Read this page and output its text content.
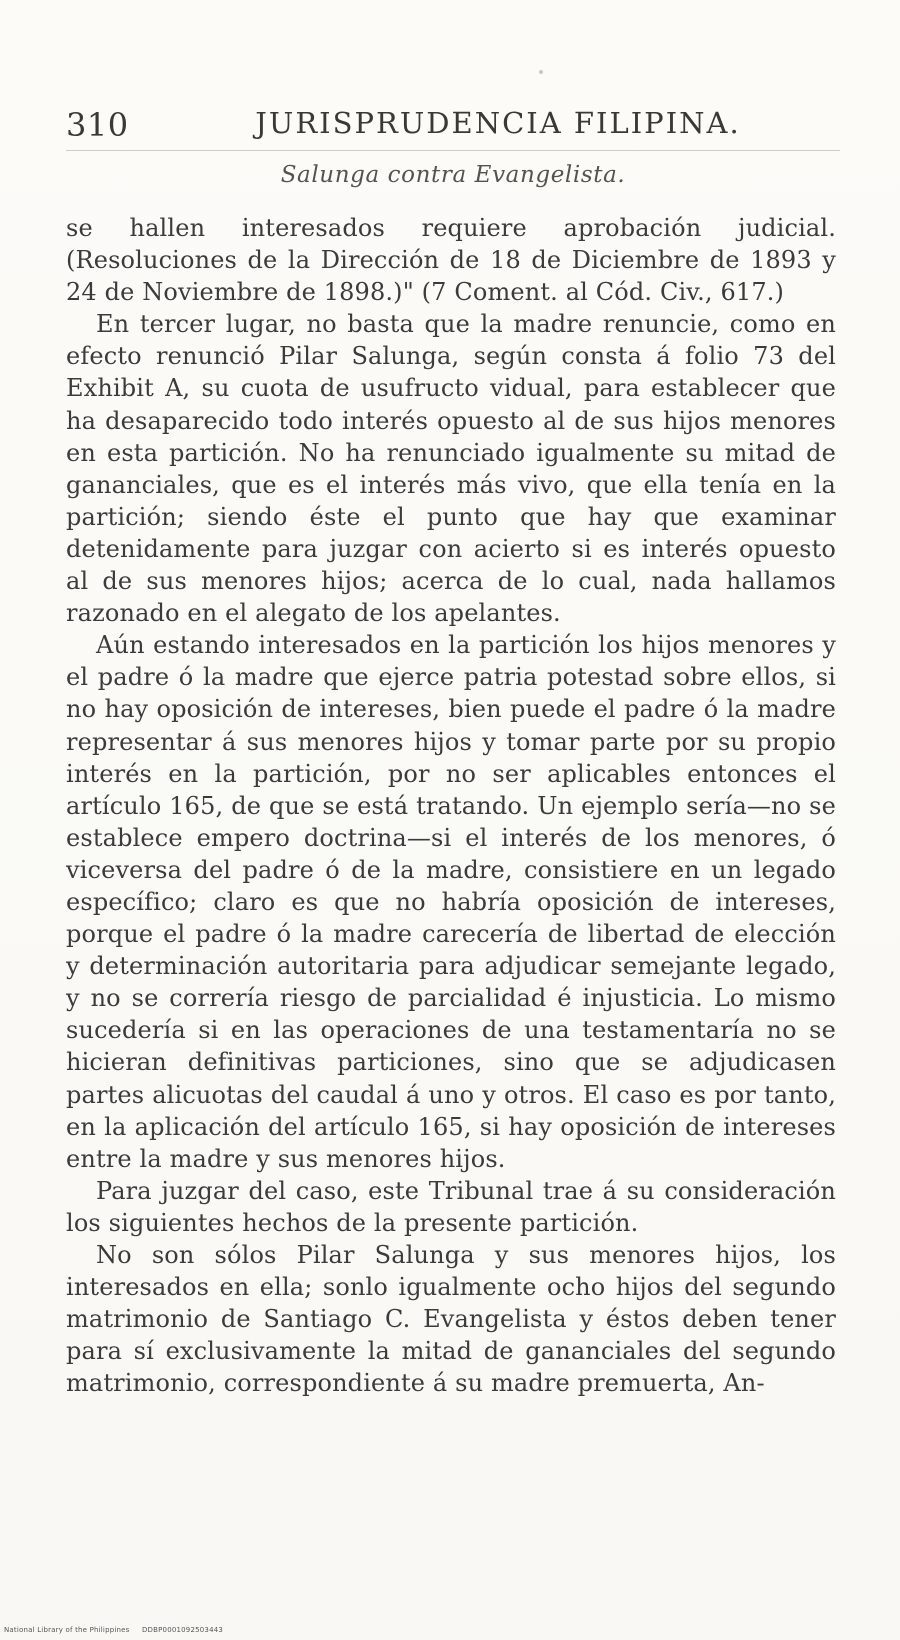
310	JURISPRUDENCIA FILIPINA.
Salunga contra Evangelista.

se hallen interesados requiere aprobación judicial. (Resoluciones de la Dirección de 18 de Diciembre de 1893 y 24 de Noviembre de 1898.)" (7 Coment. al Cód. Civ., 617.)

En tercer lugar, no basta que la madre renuncie, como en efecto renunció Pilar Salunga, según consta á folio 73 del Exhibit A, su cuota de usufructo vidual, para establecer que ha desaparecido todo interés opuesto al de sus hijos menores en esta partición. No ha renunciado igualmente su mitad de gananciales, que es el interés más vivo, que ella tenía en la partición; siendo éste el punto que hay que examinar detenidamente para juzgar con acierto si es interés opuesto al de sus menores hijos; acerca de lo cual, nada hallamos razonado en el alegato de los apelantes.

Aún estando interesados en la partición los hijos menores y el padre ó la madre que ejerce patria potestad sobre ellos, si no hay oposición de intereses, bien puede el padre ó la madre representar á sus menores hijos y tomar parte por su propio interés en la partición, por no ser aplicables entonces el artículo 165, de que se está tratando. Un ejemplo sería—no se establece empero doctrina—si el interés de los menores, ó viceversa del padre ó de la madre, consistiere en un legado específico; claro es que no habría oposición de intereses, porque el padre ó la madre carecería de libertad de elección y determinación autoritaria para adjudicar semejante legado, y no se correría riesgo de parcialidad é injusticia. Lo mismo sucedería si en las operaciones de una testamentaría no se hicieran definitivas particiones, sino que se adjudicasen partes alicuotas del caudal á uno y otros. El caso es por tanto, en la aplicación del artículo 165, si hay oposición de intereses entre la madre y sus menores hijos.

Para juzgar del caso, este Tribunal trae á su consideración los siguientes hechos de la presente partición.

No son sólos Pilar Salunga y sus menores hijos, los interesados en ella; sonlo igualmente ocho hijos del segundo matrimonio de Santiago C. Evangelista y éstos deben tener para sí exclusivamente la mitad de gananciales del segundo matrimonio, correspondiente á su madre premuerta, An-

National Library of the Philippines DDBP0001092503443
